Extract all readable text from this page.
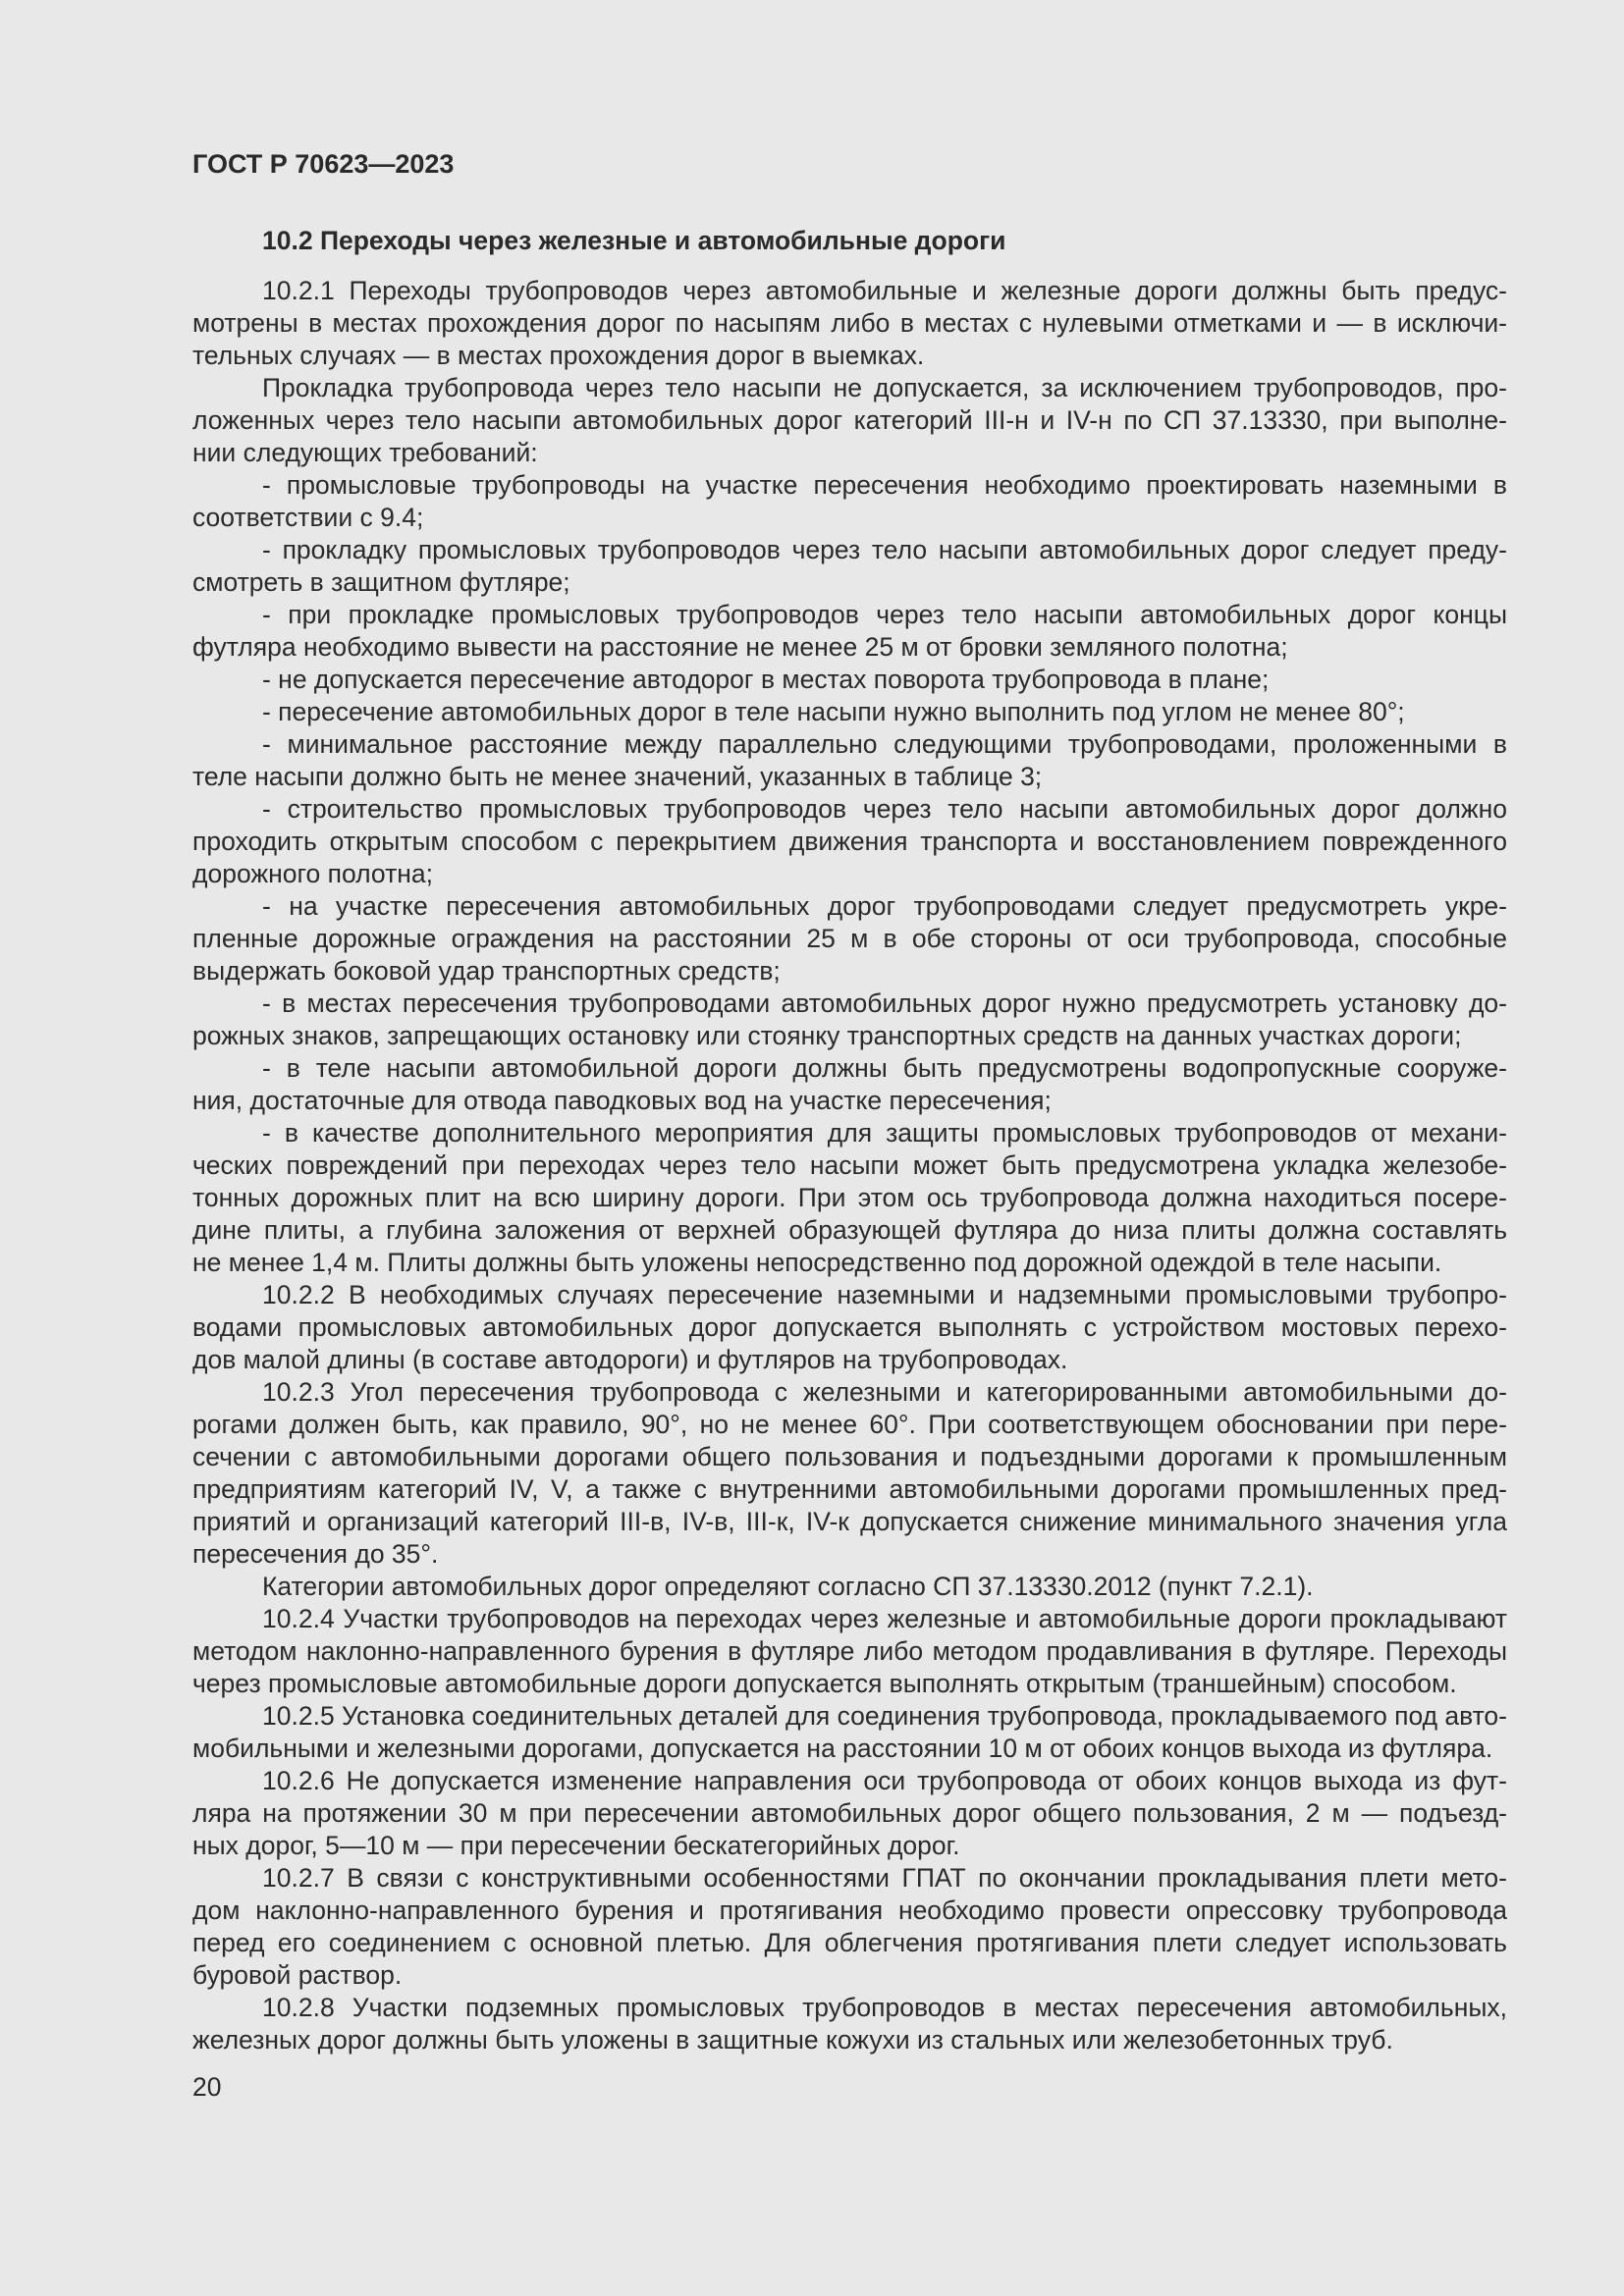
ГОСТ Р 70623—2023
10.2 Переходы через железные и автомобильные дороги
10.2.1 Переходы трубопроводов через автомобильные и железные дороги должны быть предус-
мотрены в местах прохождения дорог по насыпям либо в местах с нулевыми отметками и — в исключи-
тельных случаях — в местах прохождения дорог в выемках.
Прокладка трубопровода через тело насыпи не допускается, за исключением трубопроводов, про-
ложенных через тело насыпи автомобильных дорог категорий III-н и IV-н по СП 37.13330, при выполне-
нии следующих требований:
- промысловые трубопроводы на участке пересечения необходимо проектировать наземными в
соответствии с 9.4;
- прокладку промысловых трубопроводов через тело насыпи автомобильных дорог следует преду-
смотреть в защитном футляре;
- при прокладке промысловых трубопроводов через тело насыпи автомобильных дорог концы
футляра необходимо вывести на расстояние не менее 25 м от бровки земляного полотна;
- не допускается пересечение автодорог в местах поворота трубопровода в плане;
- пересечение автомобильных дорог в теле насыпи нужно выполнить под углом не менее 80°;
- минимальное расстояние между параллельно следующими трубопроводами, проложенными в
теле насыпи должно быть не менее значений, указанных в таблице 3;
- строительство промысловых трубопроводов через тело насыпи автомобильных дорог должно
проходить открытым способом с перекрытием движения транспорта и восстановлением поврежденного
дорожного полотна;
- на участке пересечения автомобильных дорог трубопроводами следует предусмотреть укре-
пленные дорожные ограждения на расстоянии 25 м в обе стороны от оси трубопровода, способные
выдержать боковой удар транспортных средств;
- в местах пересечения трубопроводами автомобильных дорог нужно предусмотреть установку до-
рожных знаков, запрещающих остановку или стоянку транспортных средств на данных участках дороги;
- в теле насыпи автомобильной дороги должны быть предусмотрены водопропускные сооруже-
ния, достаточные для отвода паводковых вод на участке пересечения;
- в качестве дополнительного мероприятия для защиты промысловых трубопроводов от механи-
ческих повреждений при переходах через тело насыпи может быть предусмотрена укладка железобе-
тонных дорожных плит на всю ширину дороги. При этом ось трубопровода должна находиться посере-
дине плиты, а глубина заложения от верхней образующей футляра до низа плиты должна составлять
не менее 1,4 м. Плиты должны быть уложены непосредственно под дорожной одеждой в теле насыпи.
10.2.2 В необходимых случаях пересечение наземными и надземными промысловыми трубопро-
водами промысловых автомобильных дорог допускается выполнять с устройством мостовых перехо-
дов малой длины (в составе автодороги) и футляров на трубопроводах.
10.2.3 Угол пересечения трубопровода с железными и категорированными автомобильными до-
рогами должен быть, как правило, 90°, но не менее 60°. При соответствующем обосновании при пере-
сечении с автомобильными дорогами общего пользования и подъездными дорогами к промышленным
предприятиям категорий IV, V, а также с внутренними автомобильными дорогами промышленных пред-
приятий и организаций категорий III-в, IV-в, III-к, IV-к допускается снижение минимального значения угла
пересечения до 35°.
Категории автомобильных дорог определяют согласно СП 37.13330.2012 (пункт 7.2.1).
10.2.4 Участки трубопроводов на переходах через железные и автомобильные дороги прокладывают
методом наклонно-направленного бурения в футляре либо методом продавливания в футляре. Переходы
через промысловые автомобильные дороги допускается выполнять открытым (траншейным) способом.
10.2.5 Установка соединительных деталей для соединения трубопровода, прокладываемого под авто-
мобильными и железными дорогами, допускается на расстоянии 10 м от обоих концов выхода из футляра.
10.2.6 Не допускается изменение направления оси трубопровода от обоих концов выхода из фут-
ляра на протяжении 30 м при пересечении автомобильных дорог общего пользования, 2 м — подъезд-
ных дорог, 5—10 м — при пересечении бескатегорийных дорог.
10.2.7 В связи с конструктивными особенностями ГПАТ по окончании прокладывания плети мето-
дом наклонно-направленного бурения и протягивания необходимо провести опрессовку трубопровода
перед его соединением с основной плетью. Для облегчения протягивания плети следует использовать
буровой раствор.
10.2.8 Участки подземных промысловых трубопроводов в местах пересечения автомобильных,
железных дорог должны быть уложены в защитные кожухи из стальных или железобетонных труб.
20
